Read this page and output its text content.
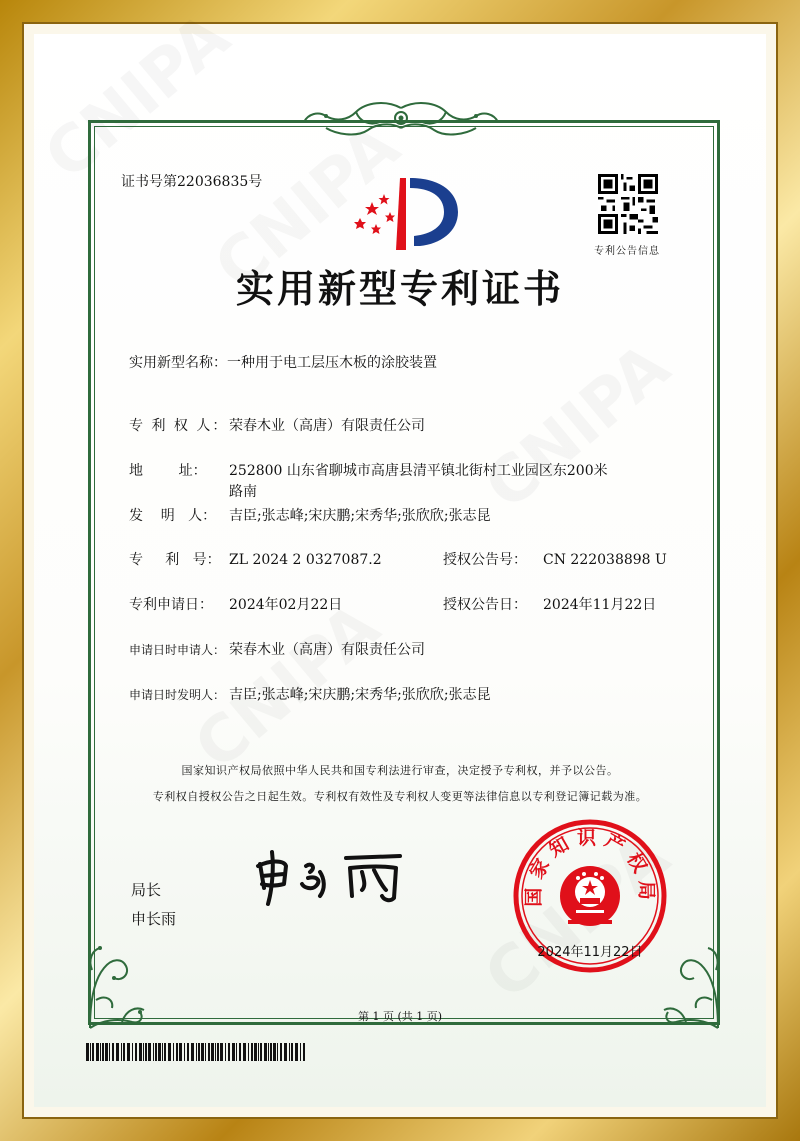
证书号第22036835号
专利公告信息
实用新型专利证书
实用新型名称：一种用于电工层压木板的涂胶装置
专 利 权 人：荣春木业（高唐）有限责任公司
地        址： 252800 山东省聊城市高唐县清平镇北街村工业园区东200米
路南
发    明   人： 吉臣;张志峰;宋庆鹏;宋秀华;张欣欣;张志昆
专     利   号： ZL 2024 2 0327087.2	授权公告号： CN 222038898 U
专利申请日： 2024年02月22日	授权公告日： 2024年11月22日
申请日时申请人： 荣春木业（高唐）有限责任公司
申请日时发明人： 吉臣;张志峰;宋庆鹏;宋秀华;张欣欣;张志昆
国家知识产权局依照中华人民共和国专利法进行审查，决定授予专利权，并予以公告。
专利权自授权公告之日起生效。专利权有效性及专利权人变更等法律信息以专利登记簿记载为准。
局长
申长雨
国家知识产权局
2024年11月22日
第 1 页 (共 1 页)
